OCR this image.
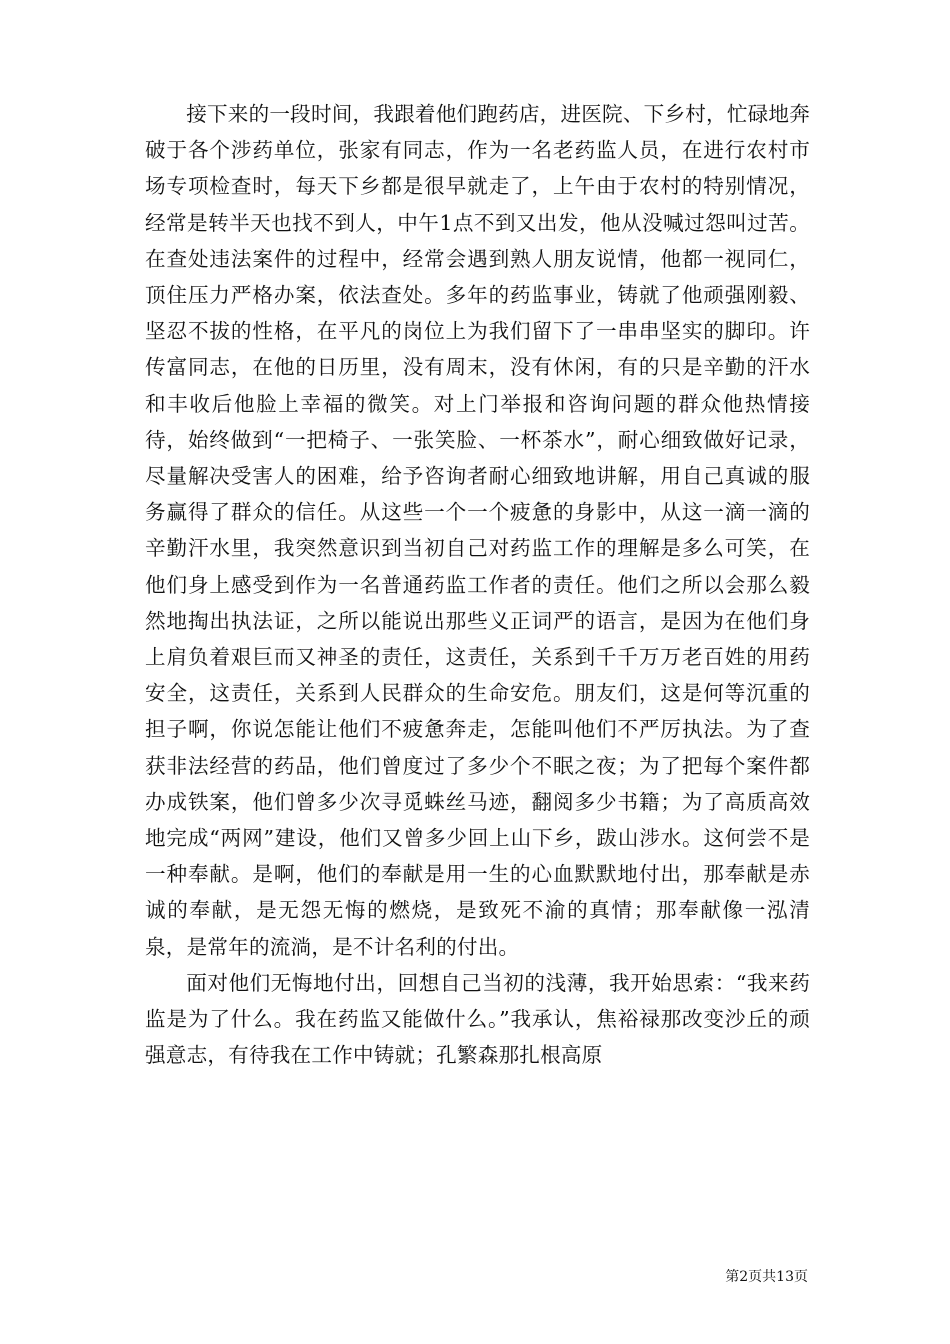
接下来的一段时间，我跟着他们跑药店，进医院、下乡村，忙碌地奔破于各个涉药单位，张家有同志，作为一名老药监人员，在进行农村市场专项检查时，每天下乡都是很早就走了，上午由于农村的特别情况，经常是转半天也找不到人，中午1点不到又出发，他从没喊过怨叫过苦。在查处违法案件的过程中，经常会遇到熟人朋友说情，他都一视同仁，顶住压力严格办案，依法查处。多年的药监事业，铸就了他顽强刚毅、坚忍不拔的性格，在平凡的岗位上为我们留下了一串串坚实的脚印。许传富同志，在他的日历里，没有周末，没有休闲，有的只是辛勤的汗水和丰收后他脸上幸福的微笑。对上门举报和咨询问题的群众他热情接待，始终做到“一把椅子、一张笑脸、一杯茶水”，耐心细致做好记录，尽量解决受害人的困难，给予咨询者耐心细致地讲解，用自己真诚的服务赢得了群众的信任。从这些一个一个疲惫的身影中，从这一滴一滴的辛勤汗水里，我突然意识到当初自己对药监工作的理解是多么可笑，在他们身上感受到作为一名普通药监工作者的责任。他们之所以会那么毅然地掏出执法证，之所以能说出那些义正词严的语言，是因为在他们身上肩负着艰巨而又神圣的责任，这责任，关系到千千万万老百姓的用药安全，这责任，关系到人民群众的生命安危。朋友们，这是何等沉重的担子啊，你说怎能让他们不疲惫奔走，怎能叫他们不严厉执法。为了查获非法经营的药品，他们曾度过了多少个不眠之夜；为了把每个案件都办成铁案，他们曾多少次寻觅蛛丝马迹，翻阅多少书籍；为了高质高效地完成“两网”建设，他们又曾多少回上山下乡，跋山涉水。这何尝不是一种奉献。是啊，他们的奉献是用一生的心血默默地付出，那奉献是赤诚的奉献，是无怨无悔的燃烧，是致死不渝的真情；那奉献像一泓清泉，是常年的流淌，是不计名利的付出。

面对他们无悔地付出，回想自己当初的浅薄，我开始思索：“我来药监是为了什么。我在药监又能做什么。”我承认，焦裕禄那改变沙丘的顽强意志，有待我在工作中铸就；孔繁森那扎根高原

第2页共13页
